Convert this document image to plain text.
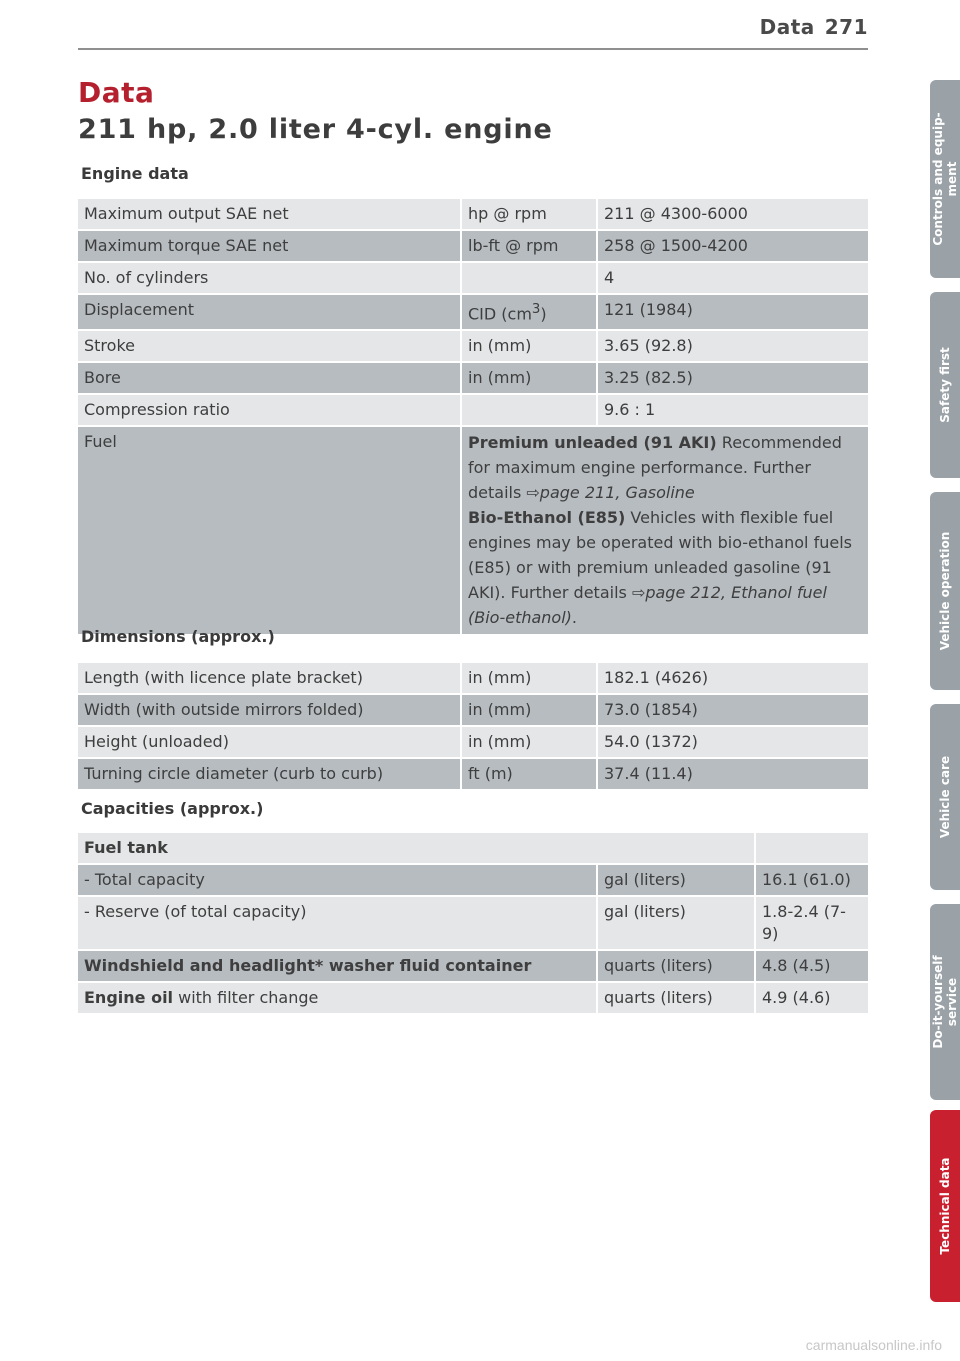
Data 271
Data
211 hp, 2.0 liter 4-cyl. engine
Engine data
Maximum output SAE net	hp @ rpm	211 @ 4300-6000
Maximum torque SAE net	lb-ft @ rpm	258 @ 1500-4200
No. of cylinders		4
Displacement	CID $(cm^3)$	121 (1984)
Stroke	in (mm)	3.65 (92.8)
Bore	in (mm)	3.25 (82.5)
Compression ratio		9.6 : 1
Fuel	Premium unleaded (91 AKI) Recommended for maximum engine performance. Further details ⇨page 211, Gasoline
Bio-Ethanol (E85) Vehicles with flexible fuel engines may be operated with bio-ethanol fuels (E85) or with premium unleaded gasoline (91 AKI). Further details ⇨page 212, Ethanol fuel (Bio-ethanol).	
Dimensions (approx.)
Length (with licence plate bracket)	in (mm)	182.1 (4626)
Width (with outside mirrors folded)	in (mm)	73.0 (1854)
Height (unloaded)	in (mm)	54.0 (1372)
Turning circle diameter (curb to curb)	ft (m)	37.4 (11.4)
Capacities (approx.)
Fuel tank		
- Total capacity	gal (liters)	16.1 (61.0)
- Reserve (of total capacity)	gal (liters)	1.8-2.4 (7-9)
Windshield and headlight* washer fluid container	quarts (liters)	4.8 (4.5)
Engine oil with filter change	quarts (liters)	4.9 (4.6)
Controls and equip-
ment
Safety first
Vehicle operation
Vehicle care
Do-it-yourself
service
Technical data
carmanualsonline.info
